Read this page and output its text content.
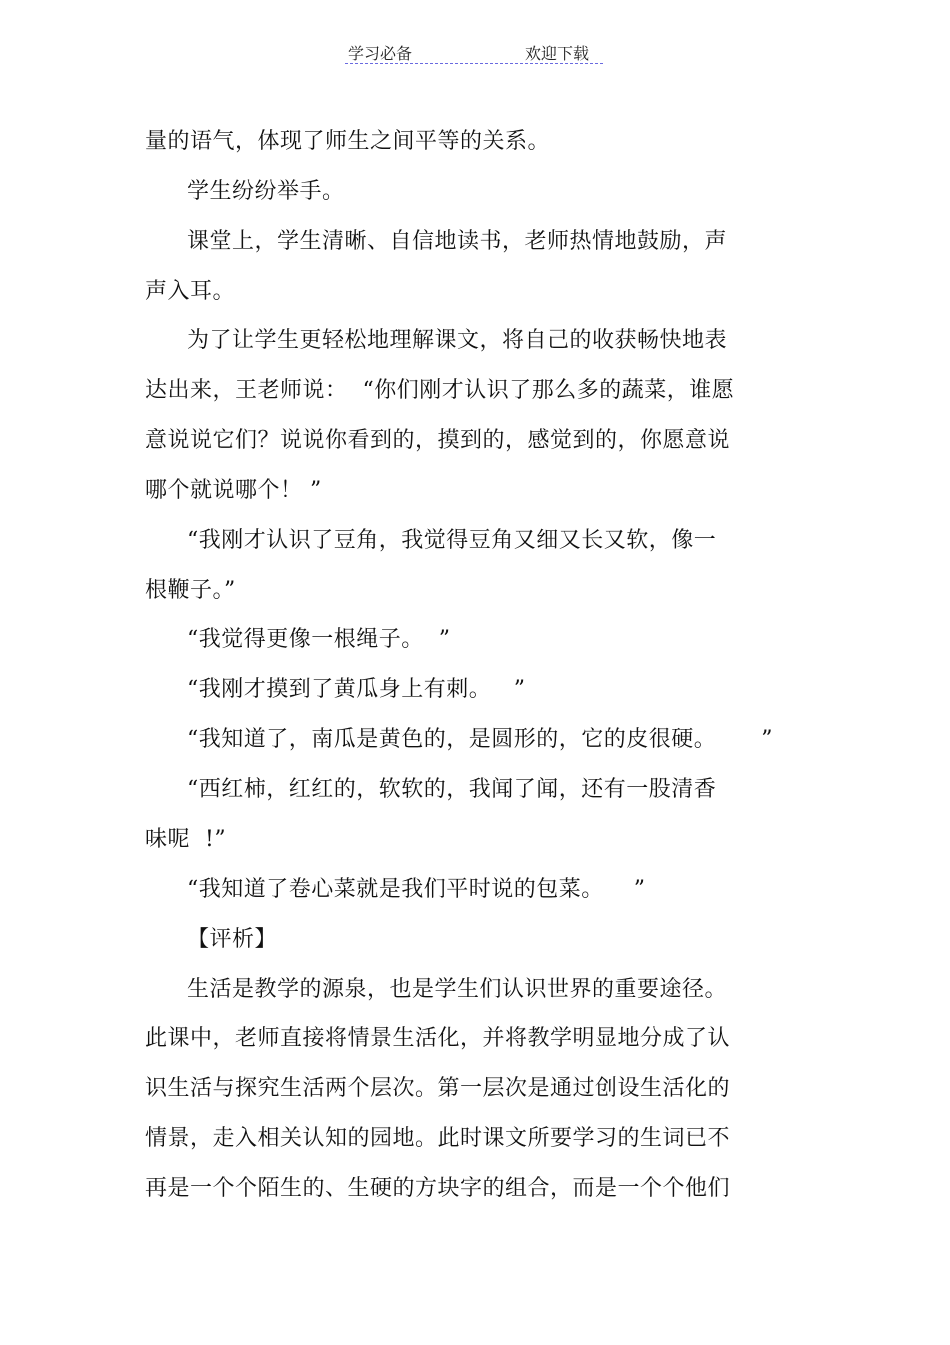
学习必备	欢迎下载
量的语气，体现了师生之间平等的关系。
学生纷纷举手。
课堂上，学生清晰、自信地读书，老师热情地鼓励，声
声入耳。
为了让学生更轻松地理解课文，将自己的收获畅快地表
达出来，王老师说：  “你们刚才认识了那么多的蔬菜，谁愿
意说说它们？说说你看到的，摸到的，感觉到的，你愿意说
哪个就说哪个！ ”
“我刚才认识了豆角，我觉得豆角又细又长又软，像一
根鞭子。”
“我觉得更像一根绳子。  ”
“我刚才摸到了黄瓜身上有刺。   ”
“我知道了，南瓜是黄色的，是圆形的，它的皮很硬。      ”
“西红柿，红红的，软软的，我闻了闻，还有一股清香
味呢  !”
“我知道了卷心菜就是我们平时说的包菜。    ”
【评析】
生活是教学的源泉，也是学生们认识世界的重要途径。
此课中，老师直接将情景生活化，并将教学明显地分成了认
识生活与探究生活两个层次。第一层次是通过创设生活化的
情景，走入相关认知的园地。此时课文所要学习的生词已不
再是一个个陌生的、生硬的方块字的组合，而是一个个他们
